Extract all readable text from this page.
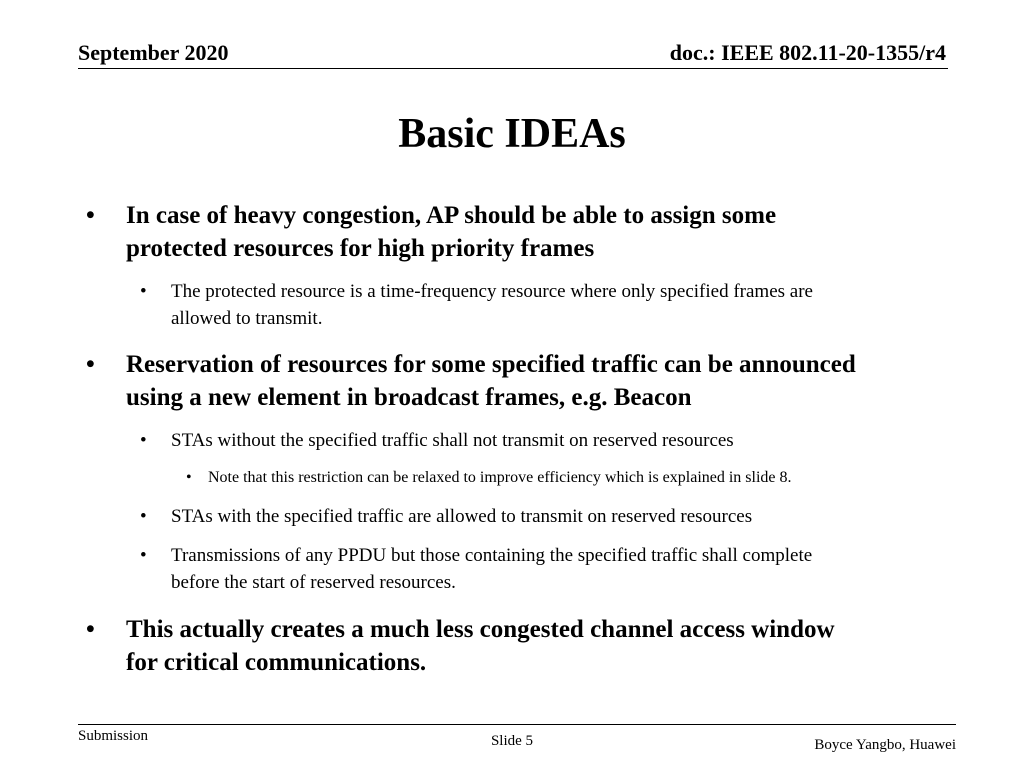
September 2020	doc.: IEEE 802.11-20-1355/r4
Basic IDEAs
• In case of heavy congestion, AP should be able to assign some
protected resources for high priority frames
• The protected resource is a time-frequency resource where only specified frames are
allowed to transmit.
• Reservation of resources for some specified traffic can be announced
using a new element in broadcast frames, e.g. Beacon
• STAs without the specified traffic shall not transmit on reserved resources
• Note that this restriction can be relaxed to improve efficiency which is explained in slide 8.
• STAs with the specified traffic are allowed to transmit on reserved resources
• Transmissions of any PPDU but those containing the specified traffic shall complete
before the start of reserved resources.
• This actually creates a much less congested channel access window
for critical communications.
Submission	Slide 5	Boyce Yangbo, Huawei
